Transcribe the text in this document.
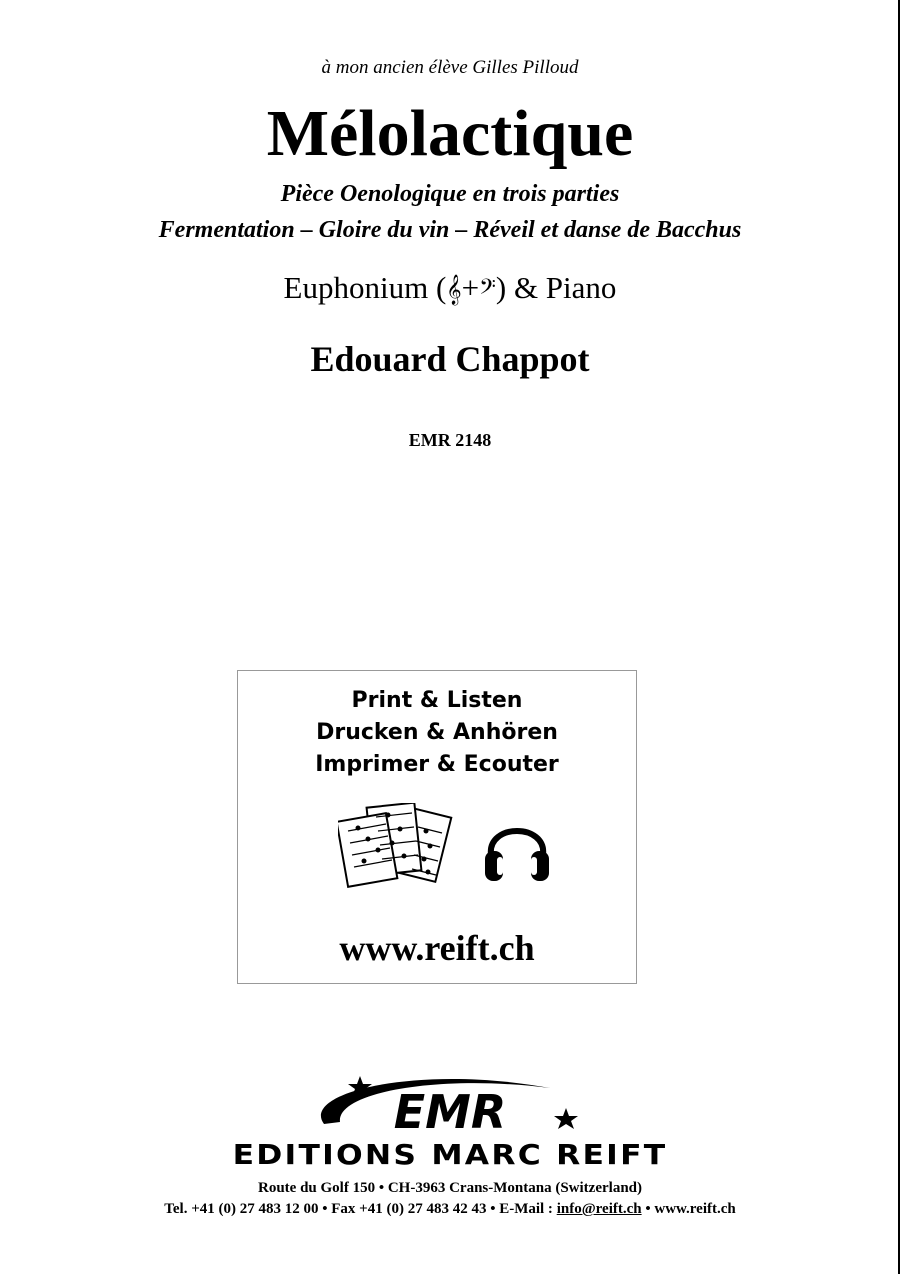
à mon ancien élève Gilles Pilloud
Mélolactique
Pièce Oenologique en trois parties
Fermentation – Gloire du vin – Réveil et danse de Bacchus
Euphonium (𝄞+𝄢) & Piano
Edouard Chappot
EMR 2148
Print & Listen
Drucken & Anhören
Imprimer & Ecouter
www.reift.ch
EMR
EDITIONS MARC REIFT
Route du Golf 150 • CH-3963 Crans-Montana (Switzerland)
Tel. +41 (0) 27 483 12 00 • Fax +41 (0) 27 483 42 43 • E-Mail : info@reift.ch • www.reift.ch
